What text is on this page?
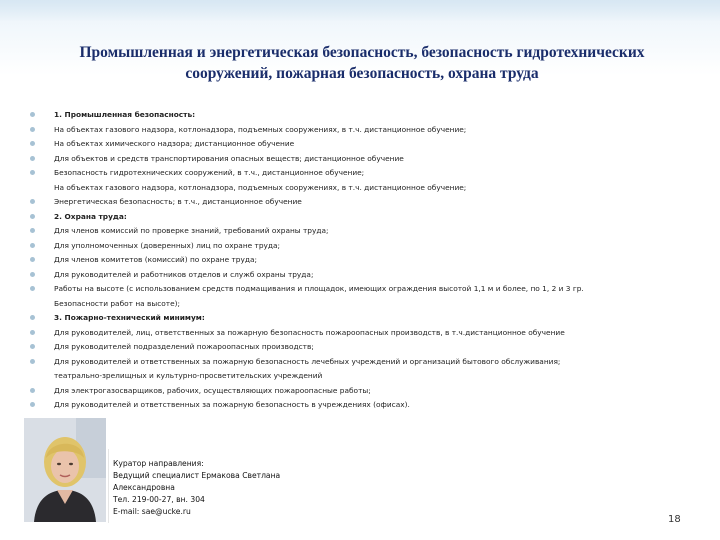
Промышленная и энергетическая безопасность, безопасность гидротехнических
сооружений, пожарная безопасность, охрана труда
1. Промышленная безопасность:
На объектах газового надзора, котлонадзора, подъемных сооружениях, в т.ч. дистанционное обучение;
На объектах химического надзора; дистанционное обучение
Для объектов и средств транспортирования опасных веществ; дистанционное обучение
Безопасность гидротехнических сооружений, в т.ч., дистанционное обучение;
На объектах газового надзора, котлонадзора, подъемных сооружениях, в т.ч. дистанционное обучение;
Энергетическая безопасность; в т.ч., дистанционное обучение
2. Охрана труда:
Для членов комиссий по проверке знаний, требований охраны труда;
Для уполномоченных (доверенных) лиц по охране труда;
Для членов комитетов (комиссий) по охране труда;
Для руководителей и работников отделов и служб охраны труда;
Работы на высоте (с использованием средств подмащивания и площадок, имеющих ограждения высотой 1,1 м и более, по 1, 2 и 3 гр.
Безопасности работ на высоте);
3. Пожарно-технический минимум:
Для руководителей, лиц, ответственных за пожарную безопасность пожароопасных производств, в т.ч.дистанционное обучение
Для руководителей подразделений пожароопасных производств;
Для руководителей и ответственных за пожарную безопасность лечебных учреждений и организаций бытового обслуживания;
театрально-зрелищных и культурно-просветительских учреждений
Для электрогазосварщиков, рабочих, осуществляющих пожароопасные работы;
Для руководителей и ответственных за пожарную безопасность в учреждениях (офисах).
Куратор направления:
Ведущий специалист Ермакова Светлана
Александровна
Тел. 219-00-27, вн. 304
E-mail: sae@ucke.ru
18
